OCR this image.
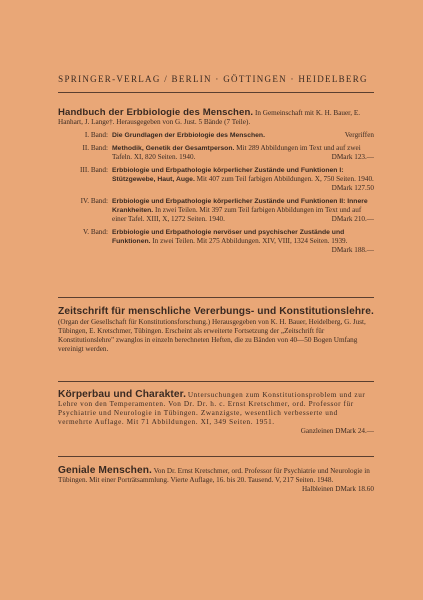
SPRINGER-VERLAG / BERLIN · GÖTTINGEN · HEIDELBERG
Handbuch der Erbbiologie des Menschen. In Gemeinschaft mit K. H. Bauer, E. Hanhart, J. Lange†. Herausgegeben von G. Just. 5 Bände (7 Teile).
I. Band: Die Grundlagen der Erbbiologie des Menschen.	Vergriffen
II. Band: Methodik, Genetik der Gesamtperson. Mit 289 Abbildungen im Text und auf zwei Tafeln. XI, 820 Seiten. 1940.	DMark 123.—
III. Band: Erbbiologie und Erbpathologie körperlicher Zustände und Funktionen I: Stützgewebe, Haut, Auge. Mit 407 zum Teil farbigen Abbildungen. X, 750 Seiten. 1940.
DMark 127.50
IV. Band: Erbbiologie und Erbpathologie körperlicher Zustände und Funktionen II: Innere Krankheiten. In zwei Teilen. Mit 397 zum Teil farbigen Abbildungen im Text und auf einer Tafel. XIII, X, 1272 Seiten. 1940.	DMark 210.—
V. Band: Erbbiologie und Erbpathologie nervöser und psychischer Zustände und Funktionen. In zwei Teilen. Mit 275 Abbildungen. XIV, VIII, 1324 Seiten. 1939.
DMark 188.—
Zeitschrift für menschliche Vererbungs- und Konstitutionslehre.
(Organ der Gesellschaft für Konstitutionsforschung.) Herausgegeben von K. H. Bauer, Heidelberg, G. Just, Tübingen, E. Kretschmer, Tübingen. Erscheint als erweiterte Fortsetzung der „Zeitschrift für Konstitutionslehre" zwanglos in einzeln berechneten Heften, die zu Bänden von 40—50 Bogen Umfang vereinigt werden.
Körperbau und Charakter. Untersuchungen zum Konstitutionsproblem und zur Lehre von den Temperamenten. Von Dr. Dr. h. c. Ernst Kretschmer, ord. Professor für Psychiatrie und Neurologie in Tübingen. Zwanzigste, wesentlich verbesserte und vermehrte Auflage. Mit 71 Abbildungen. XI, 349 Seiten. 1951.
Ganzleinen DMark 24.—
Geniale Menschen. Von Dr. Ernst Kretschmer, ord. Professor für Psychiatrie und Neurologie in Tübingen. Mit einer Porträtsammlung. Vierte Auflage, 16. bis 20. Tausend. V, 217 Seiten. 1948.
Halbleinen DMark 18.60
